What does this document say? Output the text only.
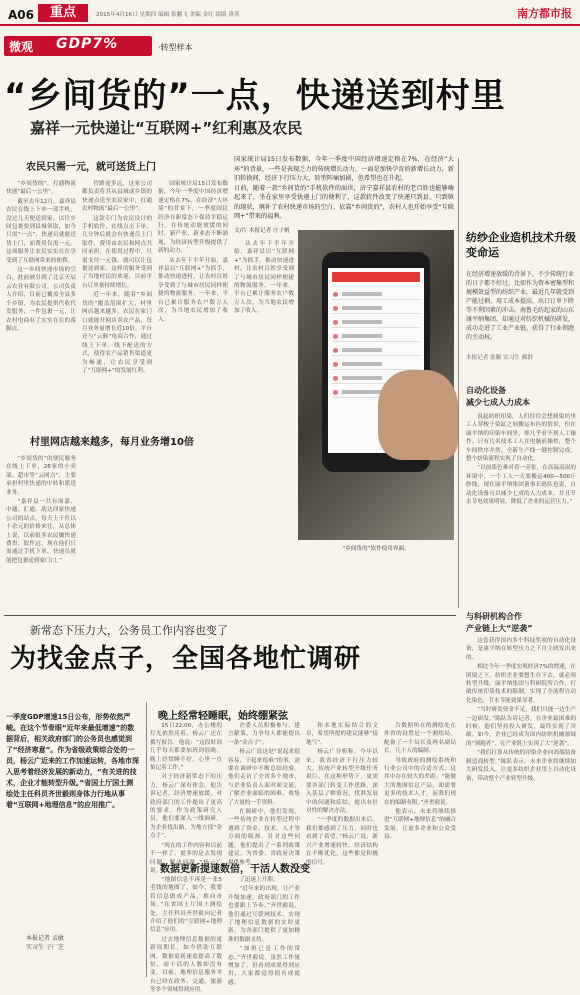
A06	重点	2015年4月16日 星期四 编辑 张鹏飞 美编 金红 组版 洛菁	南方都市报
微观 GDP7%	·转型样本
“乡间货的”一点，快递送到村里
嘉祥一元快递让“互联网+”红利惠及农民
农民只需一元，就可送货上门

“乡间货的”，打通物流快递“最后一公里”。

截至去年12月，嘉祥县农民在线上下单一部手机，没过几天便送到家。以往乡间包裹要到县城领取，如今只需“一点”，快递员就能送货上门，而费用仅需一元。这项服务让农民实实在在享受到了互联网带来的便利。

这一乡间快递市场的空白，此前被引到了北京天辰云农业有限公司。公司负责人介绍，目前已覆盖全县多个乡镇，为农民提供代收代发服务，一件包裹一元，让农村电商有了实实在在的落脚点。

村里网店越来越多，每月业务增10倍

“乡间货的”的便民服务在线上下单，28家的小卖部、超市等“云网点”，主要承担村里快递的中转和派送业务。

“嘉祥县一共有面嘉、中通、汇通、韵达四家快递公司的站点，每天上千件以十余元的价格来往。从总体上说，以前很多农民嫌快递费贵、取件远，现在他们只需通过手机下单，快递员就能把包裹送到家门口。”

管路途多远，这家公司都负责将其从县城或乡镇的快递点送至农民家中，打通农村物流“最后一公里”。

这款专门为农民设计的手机软件，在线点击下单，几分钟后就会有快递员上门取件，费用由农民和网点共同承担。在使用过程中，只需支付一元钱，就可以让包裹送到家。这样的服务受到了当地村民的欢迎，目前平台订单量持续增长。

近一年来，随着“乡间货的”覆盖范围扩大，村里网店越来越多，农民在家门口就能开网店卖农产品，每月业务量增长近10倍。平台还与“云猴”电商合作，通过线上下单，线下配送的方式，使得农产品销售渠道更为畅通，让农民享受到了“互联网+”的发展红利。

国家统计局15日发布数据，今年一季度中国经济增速定格在7%，在经济“大环境”的背景下，一季度国民经济在新常态下保持平稳运行。在传统动能放缓的同时，新产业、新业态不断涌现，为经济转型升级提供了新的动力。

从去年下半年开始，嘉祥县以“互联网+”为抓手，推动快递进村，让农村百姓享受到了与城市居民同样便捷的物流服务。一年来，平台已累计服务农户数万人次，为当地农民增加了收入。

国家统计局15日发布数据，今年一季度中国经济增速定格在7%，在经济“大环”的背景，一些是表现乏力的传统增长动力，一面是加快孕育的新增长动力，新旧转换间，经济下行压力大，转型阵痛加剧，但希望也在升起。
日前，随着一款“乡间货的”手机软件的面世，济宁嘉祥县农村的老百姓也能够嗨起来了，坐在家里享受快递上门的便利了，这款软件改变了快递只到县、只到镇的现状，填补了农村快递市场的空白，依靠“乡间货的”，农村人也开始享受“互联网+”带来的福利。
文/片 本报记者 庄子帆

从去年下半年开始，嘉祥县以“互联网+”为抓手，推动快递进村，让农村百姓享受到了与城市居民同样便捷的物流服务。一年来，平台已累计服务农户数万人次，为当地农民增加了收入。

“乡间货的”软件使用界面。
纺纱企业造机技术升级变命运
在经济增速放缓的背景下，不少传统行业的日子都不好过，比如作为资本密集型和规模效益型的纺织产业，最近几年就受到产能过剩、用工成本提高、出口订单下降等不利因素的冲击。南鲁毛纺起家的山东康平纳集团，却通过对纺织机械的研发，成功走进了工业产业链，获得了行业领跑的主动权。
本报记者 张颖 实习生 郝群
自动化设备
减少七成人力成本

说起纺织印染，人们往往会想到染坊里工人穿梭于染缸之间搬运布匹的情景，但在康平纳的印染车间里，却几乎看不到人工操作。只有几名技术工人在电脑前操控，整个车间秩序井然。全新生产线一键控制完成，整个纺染流程实现了自动化。

“以前染色难对着一旁张，在高温高湿的环境中，一个工人一天要搬运400—500斤纱线，现在康平纳集团董事长陈队也说，自动化设备可以减少七成的人力成本，并且节水节电效果明显，降低了企业的运营压力。”

与科研机构合作
产业链上大“逆袭”

这套获得国内多个科技奖项的自动化设备，是康平纳在转型压力之下自主研发出来的。

相比今年一季度宏观经济7%的增速，在困境之下，纺织企业要想生存下去，就必须转型升级。康平纳集团与科研院所合作，打破传统印染技术的限制，实现了全流程自动化染色，节水节能效果显著。

“当时研发资金不足，我们只能一边生产一边研发。”陈队告诉记者，在企业最困难的时候，他们坚持投入研发，最终实现了突破。如今，企业已经成为国内纺织机械领域的“领跑者”，在产业链上实现了大“逆袭”。

“我们打算从传统的印染企业向高端装备制造商转型。”陈队表示，未来企业将继续加大研发投入，让更多纺织企业用上自动化设备，带动整个产业转型升级。

新常态下压力大，公务员工作内容也变了
为找金点子，全国各地忙调研
一季度GDP增速15日公布，形势依然严峻。在这个节骨眼“近年来最低增速”的数据背后，相关政府部门的公务员也感觉到了“经济寒意”。作为省级政策综合处的一员，杨云广近来的工作加速运转，各地市深入思考着经济发展的新动力，“有关进的技术，企业才能转型升级。”省国土厅国土测绘处主任科员齐世毅则身体力行地从事着“互联网+地理信息”的应用推广。
本报记者 孟敏
实习生 子厂芝
晚上经常轻睡眠，始终绷紧弦

15日22:00，办公楼的灯光依然亮着。杨云广还在撰写报告，他说：“这段时间几乎每天都要加班到很晚，晚上经常睡不好，心里一直惦记着工作。”

对于经济新常态下的压力，杨云广深有体会。他告诉记者，经济增速放缓，对政府部门的工作提出了更高的要求。作为政策研究人员，他们要深入一线调研，为企业找出路，为地方找“金点子”。

“现在的工作内容和以前不一样了，更多的是去发现问题、解决问题。”杨云广说。

企委人员积极参与，建言献策，力争每人都能提出一条“金点子”。

杨云广说这是“说起来很容易，干起来很难”的事，需要在调研中不断总结经验。他们走访了全省多个地市，与企业负责人面对面交流，了解企业面临的困难，收集了大量的一手资料。

在调研中，他们发现，一些传统企业在转型过程中遇到了资金、技术、人才等方面的瓶颈。针对这些问题，他们提出了一系列政策建议，为省委、省政府决策提供参考。

和本地实际结合的文章，希望所提的建议能够“接地气”。

杨云广分析称，今年以来，我省经济下行压力较大，传统产业转型升级任务艰巨。在这种形势下，更需要各部门转变工作思路，深入基层了解情况，找准发展中的问题和症结，提出有针对性的解决办法。

“一季度的数据出来后，我们都感到了压力，同时也看到了希望。”杨云广说，新兴产业增速较快，经济结构在不断优化，这些都是积极的信号。

告数据所在的测绘处在外省的设置是一个测绘局，配备了一个局长及两名副局长，几十人的编制。

导致政府的测绘系统和行业公司中的合适方式，这其中存在较大的差距。“能做大的地图信息产品，却需要更多的技术人才，而我们现在的编制有限。”齐世毅说。

他表示，未来将继续推进“互联网+地理信息”的融合发展，让更多企业和公众受益。

数据更新提速数倍，干活人数没变

“地图信息不再是一张5毛钱的地图了，如今，我要将信息做成产品，推向市场。”在省国土厅国土测绘处，主任科员齐世毅向记者介绍了他们的“互联网+地理信息”应用。

过去地理信息数据的更新周期长，如今借助互联网，数据更新速度提高了数倍，而干活的人数却没有变。目前，地理信息服务平台已经在政务、交通、旅游等多个领域得到应用。

了迅速上升期。

“近年来的出现，让产业升级加速，政府部门的工作也要跟上节奏。”齐世毅说，他们通过互联网技术，实现了地理信息数据的实时更新，为各部门提供了更加精准的数据支持。

“加班已是工作的常态。”齐世毅说，虽然工作量增加了，但看到成果得到应用，大家都觉得很有成就感。
